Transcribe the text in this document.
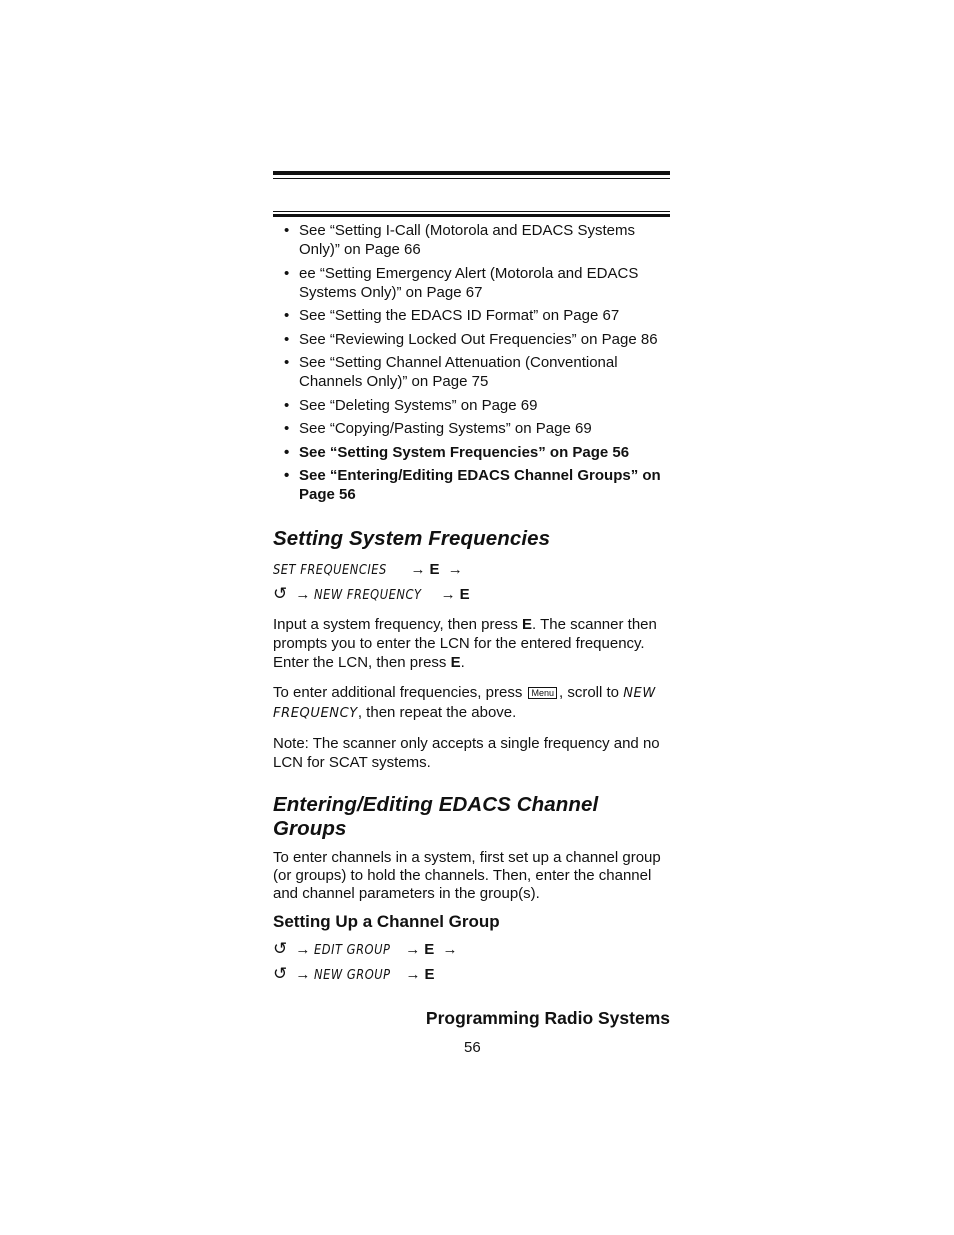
• See “Setting I-Call (Motorola and EDACS Systems Only)” on Page 66
• ee “Setting Emergency Alert (Motorola and EDACS Systems Only)” on Page 67
• See “Setting the EDACS ID Format” on Page 67
• See “Reviewing Locked Out Frequencies” on Page 86
• See “Setting Channel Attenuation (Conventional Channels Only)” on Page 75
• See “Deleting Systems” on Page 69
• See “Copying/Pasting Systems” on Page 69
• See “Setting System Frequencies” on Page 56
• See “Entering/Editing EDACS Channel Groups” on Page 56
Setting System Frequencies
SET FREQUENCIES → E →
↺ → NEW FREQUENCY → E

Input a system frequency, then press E. The scanner then prompts you to enter the LCN for the entered frequency. Enter the LCN, then press E.

To enter additional frequencies, press Menu , scroll to NEW FREQUENCY, then repeat the above.

Note: The scanner only accepts a single frequency and no LCN for SCAT systems.

Entering/Editing EDACS Channel Groups

To enter channels in a system, first set up a channel group (or groups) to hold the channels. Then, enter the channel and channel parameters in the group(s).

Setting Up a Channel Group
↺ → EDIT GROUP → E →
↺ → NEW GROUP → E
Programming Radio Systems
56
